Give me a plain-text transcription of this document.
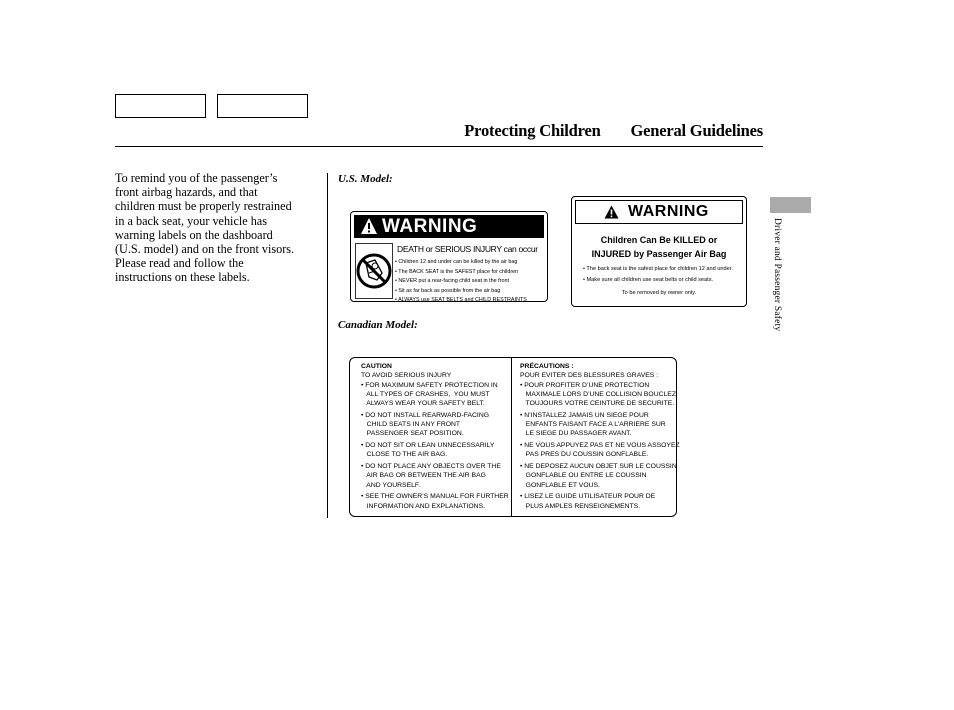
Protecting Children General Guidelines
To remind you of the passenger’s
front airbag hazards, and that
children must be properly restrained
in a back seat, your vehicle has
warning labels on the dashboard
(U.S. model) and on the front visors.
Please read and follow the
instructions on these labels.
U.S. Model:
Canadian Model:	Driver and Passenger Safety
WARNING
DEATH or SERIOUS INJURY can occur
• Children 12 and under can be killed by the air bag
• The BACK SEAT is the SAFEST place for children
• NEVER put a rear-facing child seat in the front
• Sit as far back as possible from the air bag
• ALWAYS use SEAT BELTS and CHILD RESTRAINTS
WARNING
Children Can Be KILLED or
INJURED by Passenger Air Bag
• The back seat is the safest place for children 12 and under.
• Make sure all children use seat belts or child seats.
To be removed by owner only.
CAUTION
TO AVOID SERIOUS INJURY
• FOR MAXIMUM SAFETY PROTECTION IN
ALL TYPES OF CRASHES,  YOU MUST
ALWAYS WEAR YOUR SAFETY BELT.
• DO NOT INSTALL REARWARD-FACING
CHILD SEATS IN ANY FRONT
PASSENGER SEAT POSITION.
• DO NOT SIT OR LEAN UNNECESSARILY
CLOSE TO THE AIR BAG.
• DO NOT PLACE ANY OBJECTS OVER THE
AIR BAG OR BETWEEN THE AIR BAG
AND YOURSELF.
• SEE THE OWNER’S MANUAL FOR FURTHER
INFORMATION AND EXPLANATIONS.
PRÉCAUTIONS :
POUR EVITER DES BLESSURES GRAVES :
• POUR PROFITER D’UNE PROTECTION
MAXIMALE LORS D’UNE COLLISION BOUCLEZ
TOUJOURS VOTRE CEINTURE DE SECURITE.
• N’INSTALLEZ JAMAIS UN SIEGE POUR
ENFANTS FAISANT FACE A L’ARRIERE SUR
LE SIEGE DU PASSAGER AVANT.
• NE VOUS APPUYEZ PAS ET NE VOUS ASSOYEZ
PAS PRES DU COUSSIN GONFLABLE.
• NE DEPOSEZ AUCUN OBJET SUR LE COUSSIN
GONFLABLE OU ENTRE LE COUSSIN
GONFLABLE ET VOUS.
• LISEZ LE GUIDE UTILISATEUR POUR DE
PLUS AMPLES RENSEIGNEMENTS.
